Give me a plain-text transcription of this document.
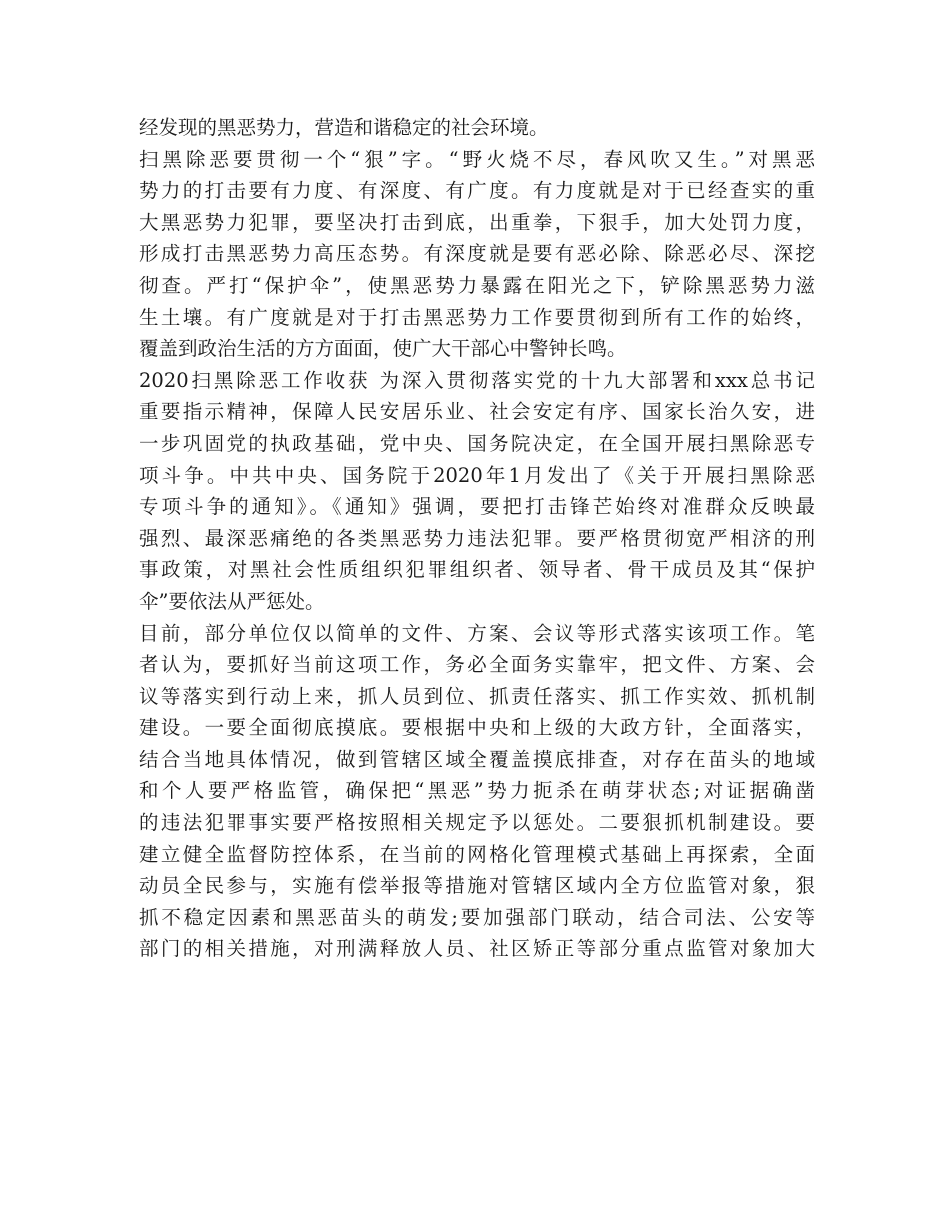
经发现的黑恶势力，营造和谐稳定的社会环境。
扫黑除恶要贯彻一个“狠”字。“野火烧不尽，春风吹又生。”对黑恶
势力的打击要有力度、有深度、有广度。有力度就是对于已经查实的重
大黑恶势力犯罪，要坚决打击到底，出重拳，下狠手，加大处罚力度，
形成打击黑恶势力高压态势。有深度就是要有恶必除、除恶必尽、深挖
彻查。严打“保护伞”，使黑恶势力暴露在阳光之下，铲除黑恶势力滋
生土壤。有广度就是对于打击黑恶势力工作要贯彻到所有工作的始终，
覆盖到政治生活的方方面面，使广大干部心中警钟长鸣。
2020扫黑除恶工作收获 为深入贯彻落实党的十九大部署和xxx总书记
重要指示精神，保障人民安居乐业、社会安定有序、国家长治久安，进
一步巩固党的执政基础，党中央、国务院决定，在全国开展扫黑除恶专
项斗争。中共中央、国务院于2020年1月发出了《关于开展扫黑除恶
专项斗争的通知》。《通知》强调，要把打击锋芒始终对准群众反映最
强烈、最深恶痛绝的各类黑恶势力违法犯罪。要严格贯彻宽严相济的刑
事政策，对黑社会性质组织犯罪组织者、领导者、骨干成员及其“保护
伞”要依法从严惩处。
目前，部分单位仅以简单的文件、方案、会议等形式落实该项工作。笔
者认为，要抓好当前这项工作，务必全面务实靠牢，把文件、方案、会
议等落实到行动上来，抓人员到位、抓责任落实、抓工作实效、抓机制
建设。一要全面彻底摸底。要根据中央和上级的大政方针，全面落实，
结合当地具体情况，做到管辖区域全覆盖摸底排查，对存在苗头的地域
和个人要严格监管，确保把“黑恶”势力扼杀在萌芽状态;对证据确凿
的违法犯罪事实要严格按照相关规定予以惩处。二要狠抓机制建设。要
建立健全监督防控体系，在当前的网格化管理模式基础上再探索，全面
动员全民参与，实施有偿举报等措施对管辖区域内全方位监管对象，狠
抓不稳定因素和黑恶苗头的萌发;要加强部门联动，结合司法、公安等
部门的相关措施，对刑满释放人员、社区矫正等部分重点监管对象加大
